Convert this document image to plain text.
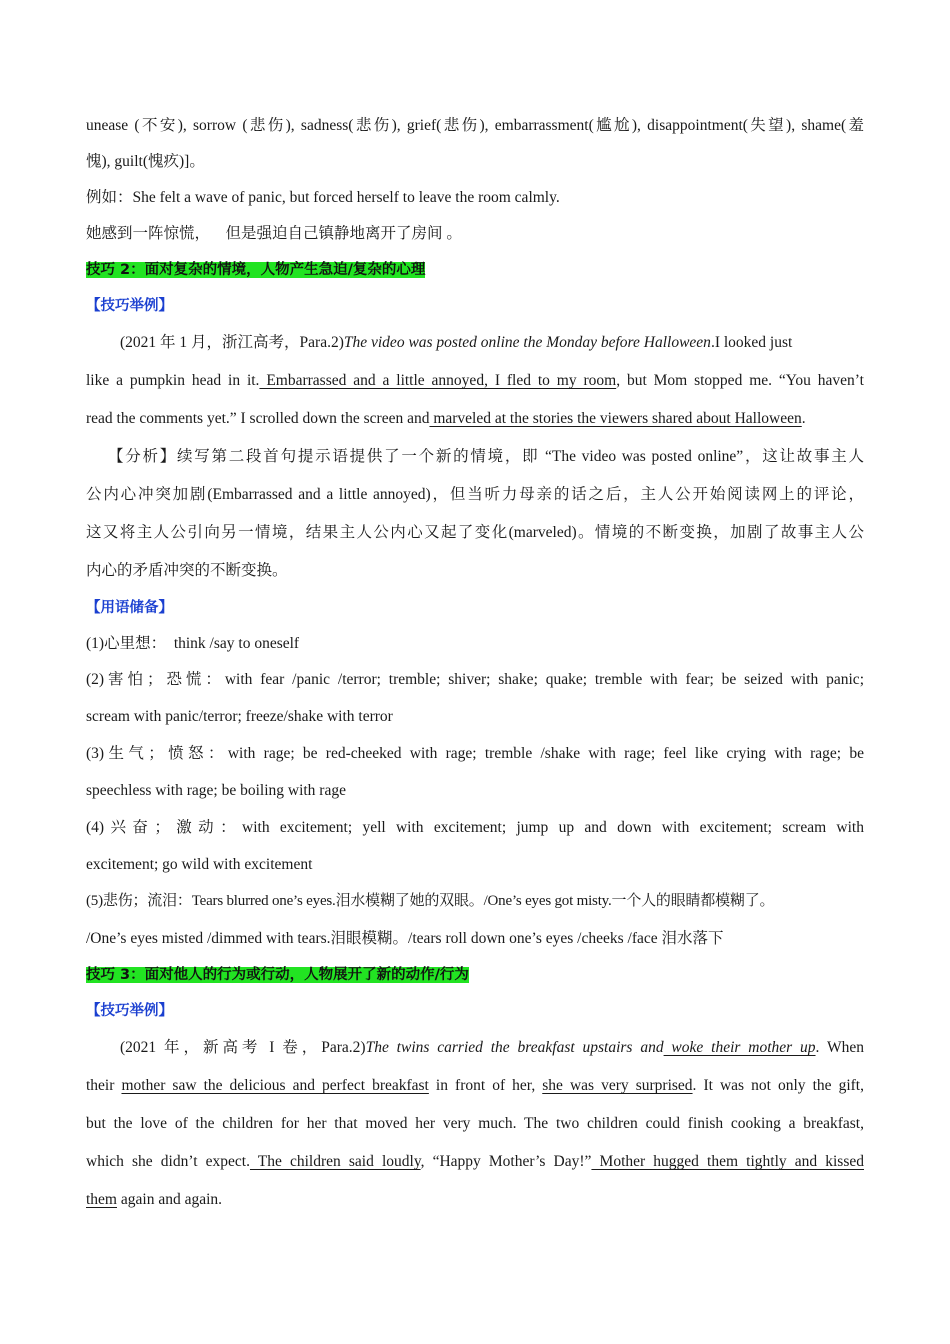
unease (不安), sorrow (悲伤), sadness(悲伤), grief(悲伤), embarrassment(尴尬), disappointment(失望), shame(羞
愧), guilt(愧疚)]。
例如：She felt a wave of panic, but forced herself to leave the room calmly.
她感到一阵惊慌，    但是强迫自己镇静地离开了房间 。
技巧 2：面对复杂的情境，人物产生急迫/复杂的心理
【技巧举例】
(2021 年 1 月，浙江高考，Para.2)The video was posted online the Monday before Halloween.I looked just
like a pumpkin head in it. Embarrassed and a little annoyed, I fled to my room, but Mom stopped me. “You haven’t
read the comments yet.” I scrolled down the screen and marveled at the stories the viewers shared about Halloween.
【分析】续写第二段首句提示语提供了一个新的情境，即 “The video was posted online”，这让故事主人
公内心冲突加剧(Embarrassed and a little annoyed)，但当听力母亲的话之后，主人公开始阅读网上的评论，
这又将主人公引向另一情境，结果主人公内心又起了变化(marveled)。情境的不断变换，加剧了故事主人公
内心的矛盾冲突的不断变换。
【用语储备】
(1)心里想：  think /say to oneself
(2)害怕；恐慌：with fear /panic /terror; tremble; shiver; shake; quake; tremble with fear; be seized with panic;
scream with panic/terror; freeze/shake with terror
(3)生气；愤怒：with rage; be red-cheeked with rage; tremble /shake with rage; feel like crying with rage; be
speechless with rage; be boiling with rage
(4)兴奋；激动：with excitement; yell with excitement; jump up and down with excitement; scream with
excitement; go wild with excitement
(5)悲伤；流泪：Tears blurred one’s eyes.泪水模糊了她的双眼。/One’s eyes got misty.一个人的眼睛都模糊了。
/One’s eyes misted /dimmed with tears.泪眼模糊。/tears roll down one’s eyes /cheeks /face 泪水落下
技巧 3：面对他人的行为或行动，人物展开了新的动作/行为
【技巧举例】
(2021 年，新高考 I 卷，Para.2)The twins carried the breakfast upstairs and woke their mother up. When
their mother saw the delicious and perfect breakfast in front of her, she was very surprised. It was not only the gift,
but the love of the children for her that moved her very much. The two children could finish cooking a breakfast,
which she didn’t expect. The children said loudly, “Happy Mother’s Day!” Mother hugged them tightly and kissed
them again and again.
